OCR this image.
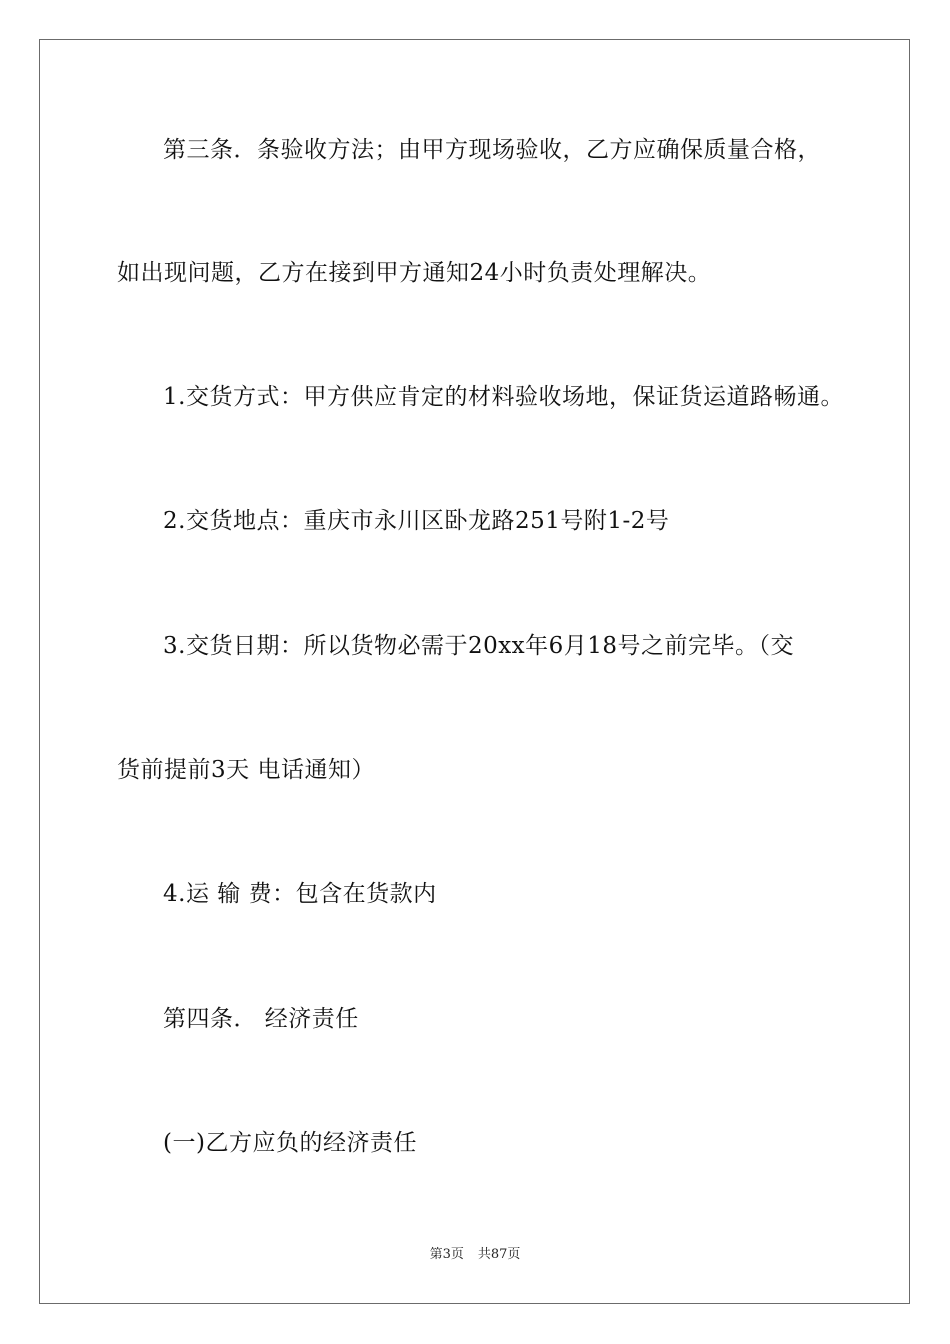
第三条．条验收方法；由甲方现场验收，乙方应确保质量合格，
如出现问题，乙方在接到甲方通知24小时负责处理解决。
1.交货方式：甲方供应肯定的材料验收场地，保证货运道路畅通。
2.交货地点：重庆市永川区卧龙路251号附1-2号
3.交货日期：所以货物必需于20xx年6月18号之前完毕。（交
货前提前3天 电话通知）
4.运 输 费：包含在货款内
第四条． 经济责任
(一)乙方应负的经济责任
第3页 共87页
